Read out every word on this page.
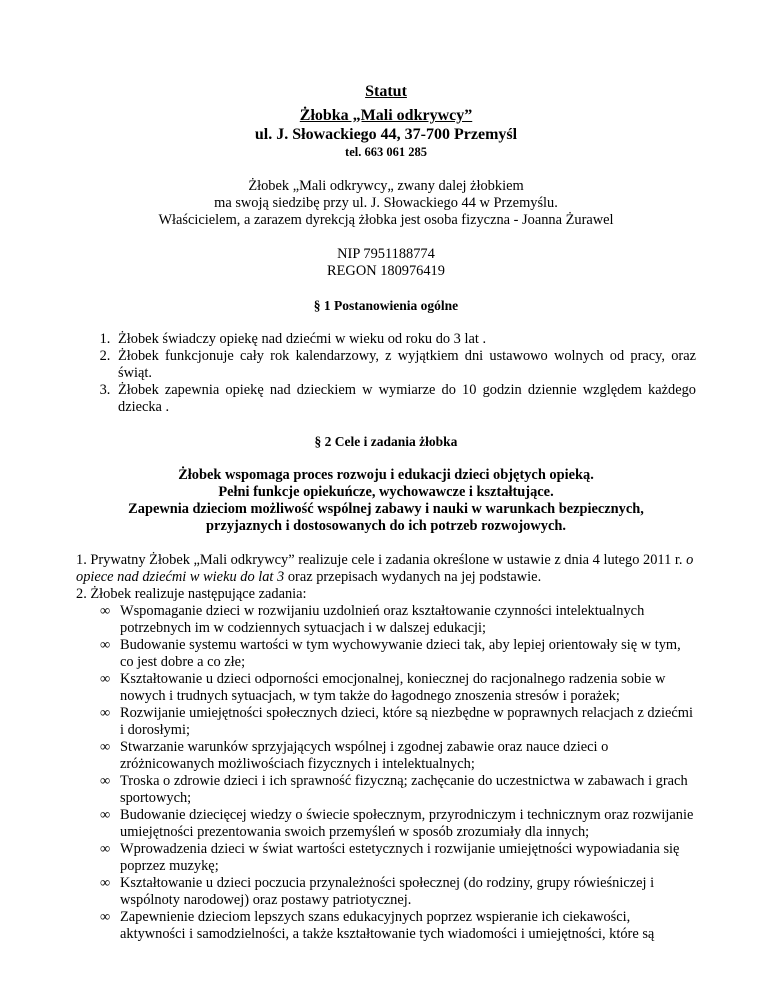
Statut

Żłobka „Mali odkrywcy”

ul. J. Słowackiego 44, 37-700 Przemyśl

tel. 663 061 285

Żłobek „Mali odkrywcy„ zwany dalej żłobkiem

ma swoją siedzibę przy ul. J. Słowackiego 44 w Przemyślu.

Właścicielem, a zarazem dyrekcją żłobka jest osoba fizyczna - Joanna Żurawel

NIP 7951188774

REGON 180976419

§ 1 Postanowienia ogólne

1. Żłobek świadczy opiekę nad dziećmi w wieku od roku do 3 lat .
2. Żłobek funkcjonuje cały rok kalendarzowy, z wyjątkiem dni ustawowo wolnych od pracy, oraz świąt.
3. Żłobek zapewnia opiekę nad dzieckiem w wymiarze do 10 godzin dziennie względem każdego dziecka .

§ 2 Cele i zadania żłobka

Żłobek wspomaga proces rozwoju i edukacji dzieci objętych opieką.

Pełni funkcje opiekuńcze, wychowawcze i kształtujące.

Zapewnia dzieciom możliwość wspólnej zabawy i nauki w warunkach bezpiecznych,

przyjaznych i dostosowanych do ich potrzeb rozwojowych.

1. Prywatny Żłobek „Mali odkrywcy” realizuje cele i zadania określone w ustawie z dnia 4 lutego 2011 r. o opiece nad dziećmi w wieku do lat 3 oraz przepisach wydanych na jej podstawie.

2. Żłobek realizuje następujące zadania:

∞ Wspomaganie dzieci w rozwijaniu uzdolnień oraz kształtowanie czynności intelektualnych potrzebnych im w codziennych sytuacjach i w dalszej edukacji;
∞ Budowanie systemu wartości w tym wychowywanie dzieci tak, aby lepiej orientowały się w tym, co jest dobre a co złe;
∞ Kształtowanie u dzieci odporności emocjonalnej, koniecznej do racjonalnego radzenia sobie w nowych i trudnych sytuacjach, w tym także do łagodnego znoszenia stresów i porażek;
∞ Rozwijanie umiejętności społecznych dzieci, które są niezbędne w poprawnych relacjach z dziećmi i dorosłymi;
∞ Stwarzanie warunków sprzyjających wspólnej i zgodnej zabawie oraz nauce dzieci o zróżnicowanych możliwościach fizycznych i intelektualnych;
∞ Troska o zdrowie dzieci i ich sprawność fizyczną; zachęcanie do uczestnictwa w zabawach i grach sportowych;
∞ Budowanie dziecięcej wiedzy o świecie społecznym, przyrodniczym i technicznym oraz rozwijanie umiejętności prezentowania swoich przemyśleń w sposób zrozumiały dla innych;
∞ Wprowadzenia dzieci w świat wartości estetycznych i rozwijanie umiejętności wypowiadania się poprzez muzykę;
∞ Kształtowanie u dzieci poczucia przynależności społecznej (do rodziny, grupy rówieśniczej i wspólnoty narodowej) oraz postawy patriotycznej.
∞ Zapewnienie dzieciom lepszych szans edukacyjnych poprzez wspieranie ich ciekawości, aktywności i samodzielności, a także kształtowanie tych wiadomości i umiejętności, które są
